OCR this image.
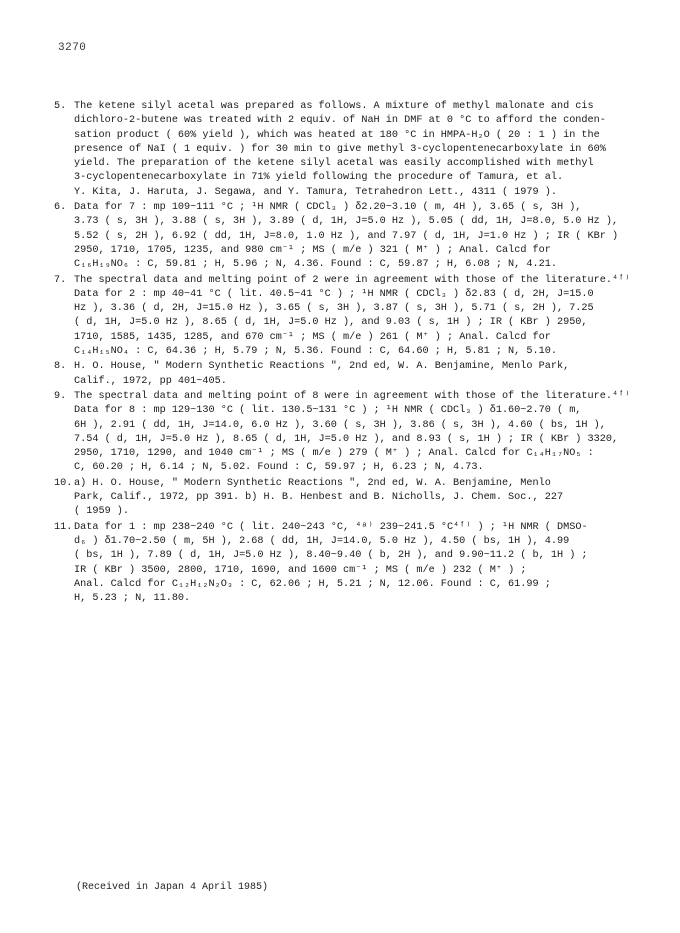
3270
5. The ketene silyl acetal was prepared as follows. A mixture of methyl malonate and cis
dichloro-2-butene was treated with 2 equiv. of NaH in DMF at 0 °C to afford the conden-
sation product ( 60% yield ), which was heated at 180 °C in HMPA-H₂O ( 20 : 1 ) in the
presence of NaI ( 1 equiv. ) for 30 min to give methyl 3-cyclopentenecarboxylate in 60%
yield. The preparation of the ketene silyl acetal was easily accomplished with methyl
3-cyclopentenecarboxylate in 71% yield following the procedure of Tamura, et al.
Y. Kita, J. Haruta, J. Segawa, and Y. Tamura, Tetrahedron Lett., 4311 ( 1979 ).
6. Data for 7 : mp 109~111 °C ; ¹H NMR ( CDCl₃ ) δ2.20~3.10 ( m, 4H ), 3.65 ( s, 3H ),
3.73 ( s, 3H ), 3.88 ( s, 3H ), 3.89 ( d, 1H, J=5.0 Hz ), 5.05 ( dd, 1H, J=8.0, 5.0 Hz ),
5.52 ( s, 2H ), 6.92 ( dd, 1H, J=8.0, 1.0 Hz ), and 7.97 ( d, 1H, J=1.0 Hz ) ; IR ( KBr )
2950, 1710, 1705, 1235, and 980 cm⁻¹ ; MS ( m/e ) 321 ( M⁺ ) ; Anal. Calcd for
C₁₆H₁₉NO₆ : C, 59.81 ; H, 5.96 ; N, 4.36. Found : C, 59.87 ; H, 6.08 ; N, 4.21.
7. The spectral data and melting point of 2 were in agreement with those of the literature.⁴ᶠ⁾
Data for 2 : mp 40~41 °C ( lit. 40.5~41 °C ) ; ¹H NMR ( CDCl₃ ) δ2.83 ( d, 2H, J=15.0
Hz ), 3.36 ( d, 2H, J=15.0 Hz ), 3.65 ( s, 3H ), 3.87 ( s, 3H ), 5.71 ( s, 2H ), 7.25
( d, 1H, J=5.0 Hz ), 8.65 ( d, 1H, J=5.0 Hz ), and 9.03 ( s, 1H ) ; IR ( KBr ) 2950,
1710, 1585, 1435, 1285, and 670 cm⁻¹ ; MS ( m/e ) 261 ( M⁺ ) ; Anal. Calcd for
C₁₄H₁₅NO₄ : C, 64.36 ; H, 5.79 ; N, 5.36. Found : C, 64.60 ; H, 5.81 ; N, 5.10.
8. H. O. House, " Modern Synthetic Reactions ", 2nd ed, W. A. Benjamine, Menlo Park,
Calif., 1972, pp 401~405.
9. The spectral data and melting point of 8 were in agreement with those of the literature.⁴ᶠ⁾
Data for 8 : mp 129~130 °C ( lit. 130.5~131 °C ) ; ¹H NMR ( CDCl₃ ) δ1.60~2.70 ( m,
6H ), 2.91 ( dd, 1H, J=14.0, 6.0 Hz ), 3.60 ( s, 3H ), 3.86 ( s, 3H ), 4.60 ( bs, 1H ),
7.54 ( d, 1H, J=5.0 Hz ), 8.65 ( d, 1H, J=5.0 Hz ), and 8.93 ( s, 1H ) ; IR ( KBr ) 3320,
2950, 1710, 1290, and 1040 cm⁻¹ ; MS ( m/e ) 279 ( M⁺ ) ; Anal. Calcd for C₁₄H₁₇NO₅ :
C, 60.20 ; H, 6.14 ; N, 5.02. Found : C, 59.97 ; H, 6.23 ; N, 4.73.
10. a) H. O. House, " Modern Synthetic Reactions ", 2nd ed, W. A. Benjamine, Menlo
Park, Calif., 1972, pp 391. b) H. B. Henbest and B. Nicholls, J. Chem. Soc., 227
( 1959 ).
11. Data for 1 : mp 238~240 °C ( lit. 240~243 °C, ⁴ᵃ⁾ 239~241.5 °C⁴ᶠ⁾ ) ; ¹H NMR ( DMSO-
d₆ ) δ1.70~2.50 ( m, 5H ), 2.68 ( dd, 1H, J=14.0, 5.0 Hz ), 4.50 ( bs, 1H ), 4.99
( bs, 1H ), 7.89 ( d, 1H, J=5.0 Hz ), 8.40~9.40 ( b, 2H ), and 9.90~11.2 ( b, 1H ) ;
IR ( KBr ) 3500, 2800, 1710, 1690, and 1600 cm⁻¹ ; MS ( m/e ) 232 ( M⁺ ) ;
Anal. Calcd for C₁₂H₁₂N₂O₃ : C, 62.06 ; H, 5.21 ; N, 12.06. Found : C, 61.99 ;
H, 5.23 ; N, 11.80.
(Received in Japan 4 April 1985)
